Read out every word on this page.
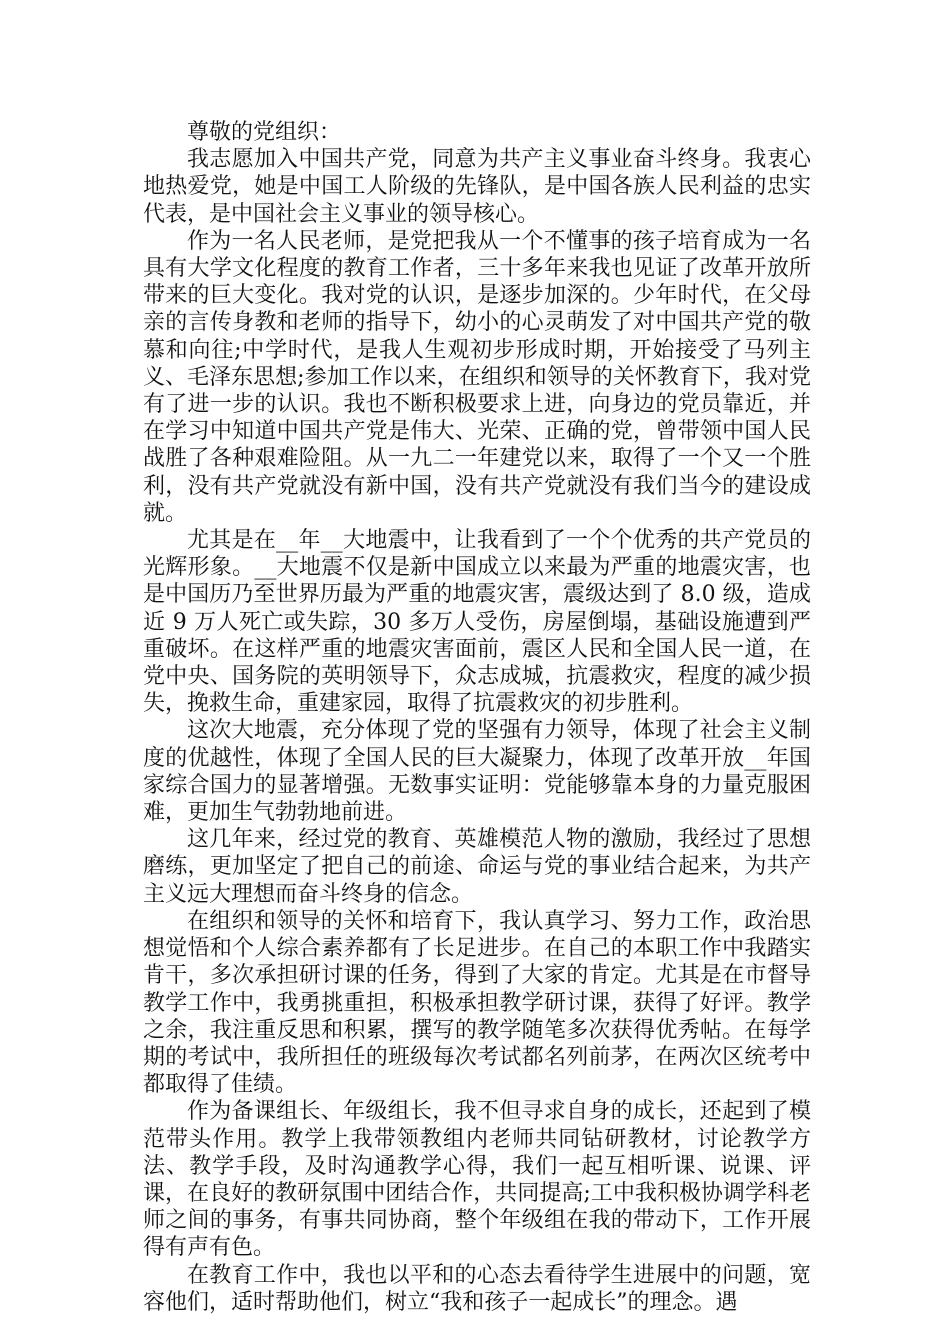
尊敬的党组织：

我志愿加入中国共产党，同意为共产主义事业奋斗终身。我衷心地热爱党，她是中国工人阶级的先锋队，是中国各族人民利益的忠实代表，是中国社会主义事业的领导核心。

作为一名人民老师，是党把我从一个不懂事的孩子培育成为一名具有大学文化程度的教育工作者，三十多年来我也见证了改革开放所带来的巨大变化。我对党的认识，是逐步加深的。少年时代，在父母亲的言传身教和老师的指导下，幼小的心灵萌发了对中国共产党的敬慕和向往;中学时代，是我人生观初步形成时期，开始接受了马列主义、毛泽东思想;参加工作以来，在组织和领导的关怀教育下，我对党有了进一步的认识。我也不断积极要求上进，向身边的党员靠近，并在学习中知道中国共产党是伟大、光荣、正确的党，曾带领中国人民战胜了各种艰难险阻。从一九二一年建党以来，取得了一个又一个胜利，没有共产党就没有新中国，没有共产党就没有我们当今的建设成就。

尤其是在__年__大地震中，让我看到了一个个优秀的共产党员的光辉形象。__大地震不仅是新中国成立以来最为严重的地震灾害，也是中国历乃至世界历最为严重的地震灾害，震级达到了 8.0 级，造成近 9 万人死亡或失踪，30 多万人受伤，房屋倒塌，基础设施遭到严重破坏。在这样严重的地震灾害面前，震区人民和全国人民一道，在党中央、国务院的英明领导下，众志成城，抗震救灾，程度的减少损失，挽救生命，重建家园，取得了抗震救灾的初步胜利。

这次大地震，充分体现了党的坚强有力领导，体现了社会主义制度的优越性，体现了全国人民的巨大凝聚力，体现了改革开放__年国家综合国力的显著增强。无数事实证明：党能够靠本身的力量克服困难，更加生气勃勃地前进。

这几年来，经过党的教育、英雄模范人物的激励，我经过了思想磨练，更加坚定了把自己的前途、命运与党的事业结合起来，为共产主义远大理想而奋斗终身的信念。

在组织和领导的关怀和培育下，我认真学习、努力工作，政治思想觉悟和个人综合素养都有了长足进步。在自己的本职工作中我踏实肯干，多次承担研讨课的任务，得到了大家的肯定。尤其是在市督导教学工作中，我勇挑重担，积极承担教学研讨课，获得了好评。教学之余，我注重反思和积累，撰写的教学随笔多次获得优秀帖。在每学期的考试中，我所担任的班级每次考试都名列前茅，在两次区统考中都取得了佳绩。

作为备课组长、年级组长，我不但寻求自身的成长，还起到了模范带头作用。教学上我带领教组内老师共同钻研教材，讨论教学方法、教学手段，及时沟通教学心得，我们一起互相听课、说课、评课，在良好的教研氛围中团结合作，共同提高;工中我积极协调学科老师之间的事务，有事共同协商，整个年级组在我的带动下，工作开展得有声有色。

在教育工作中，我也以平和的心态去看待学生进展中的问题，宽容他们，适时帮助他们，树立“我和孩子一起成长”的理念。遇
